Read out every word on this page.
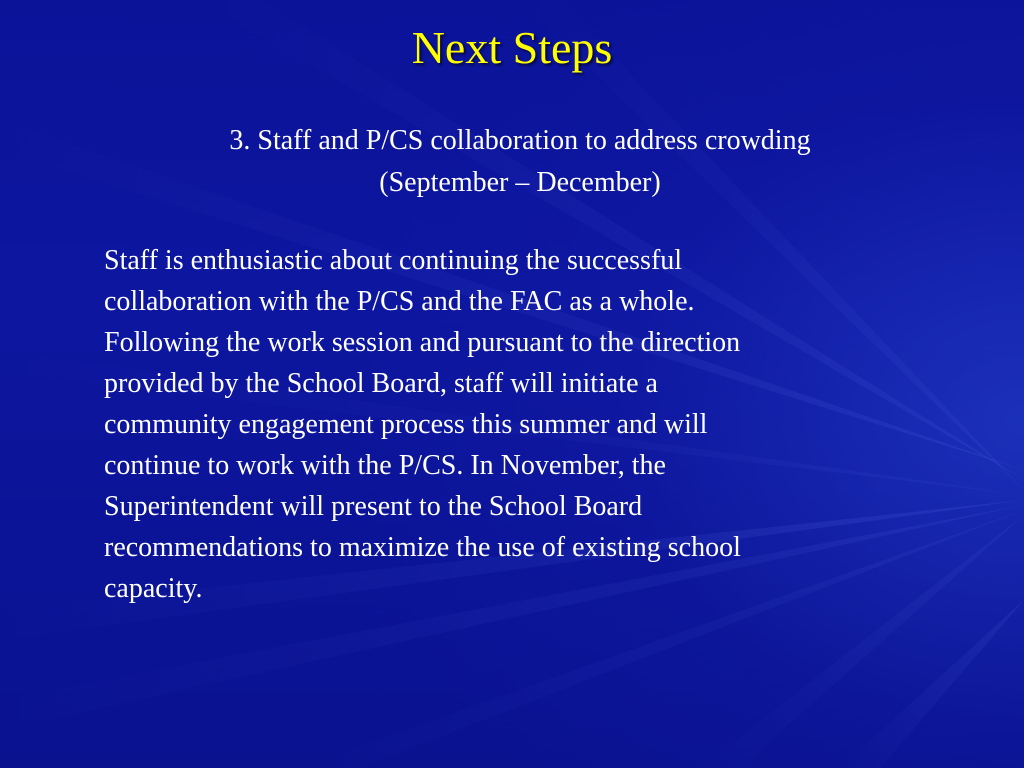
Next Steps
3. Staff and P/CS collaboration to address crowding
(September – December)
Staff is enthusiastic about continuing the successful
collaboration with the P/CS and the FAC as a whole.
Following the work session and pursuant to the direction
provided by the School Board, staff will initiate a
community engagement process this summer and will
continue to work with the P/CS. In November, the
Superintendent will present to the School Board
recommendations to maximize the use of existing school
capacity.
